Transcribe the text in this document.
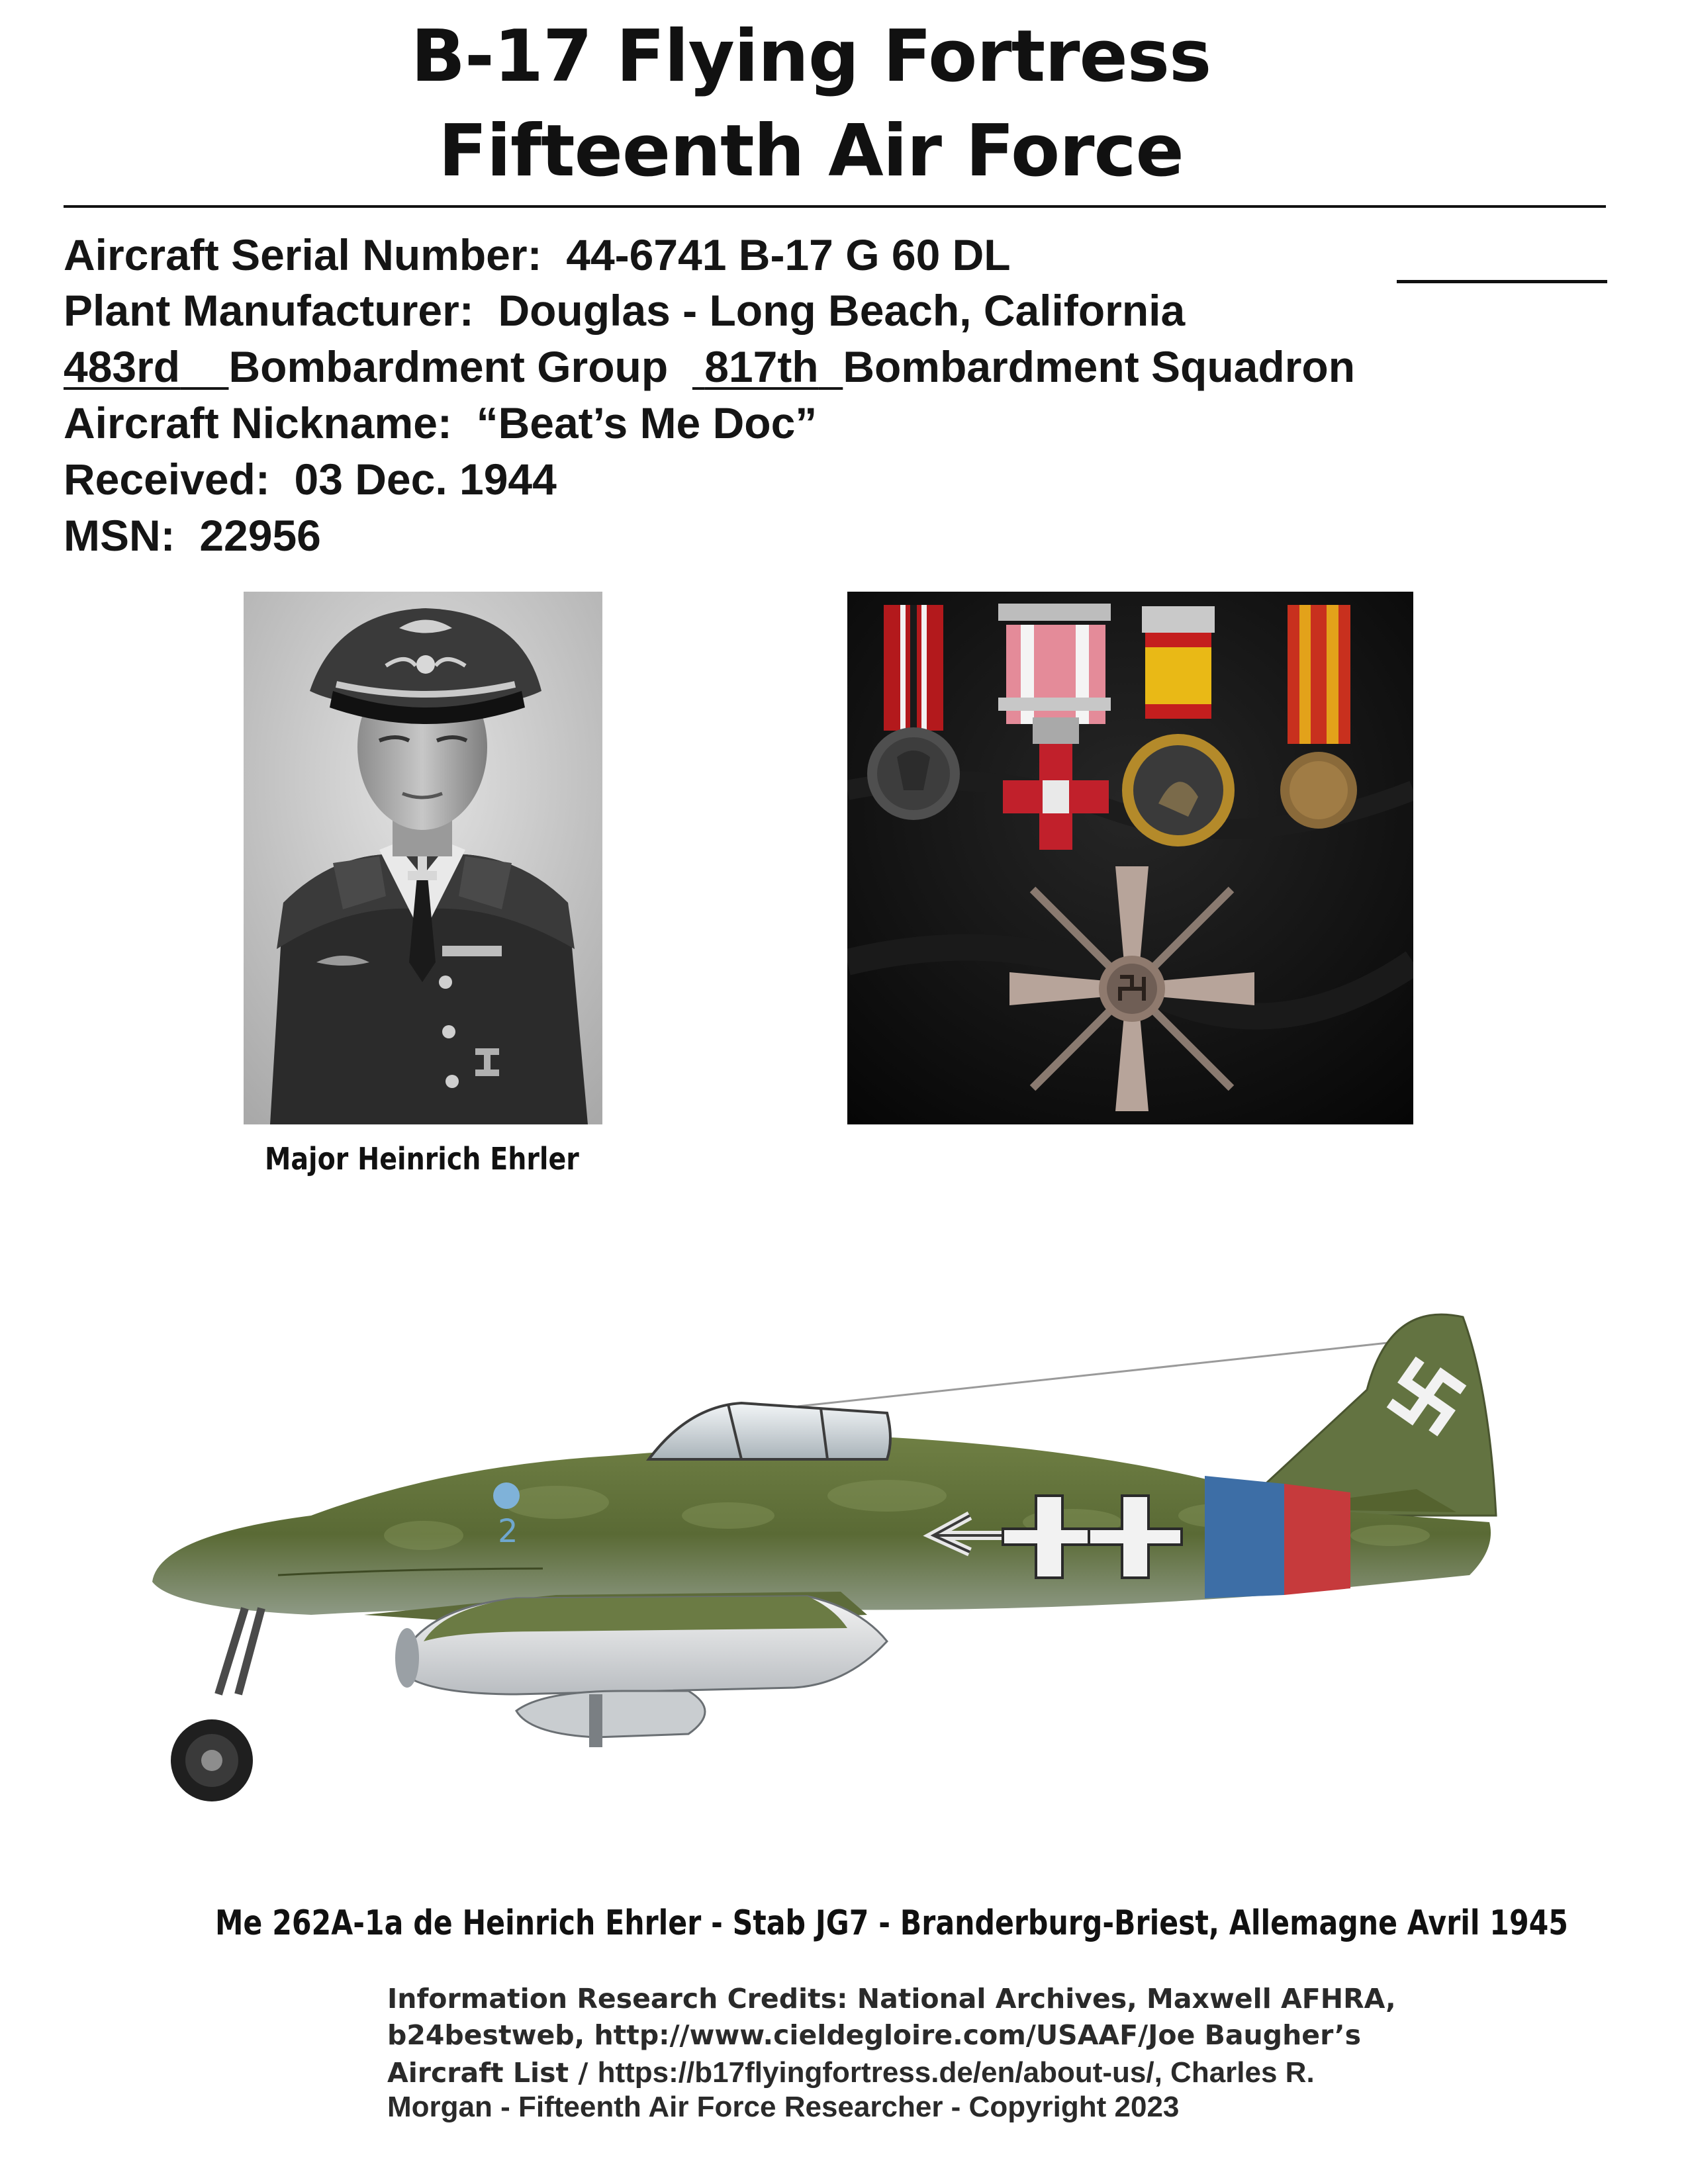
B-17 Flying Fortress
Fifteenth Air Force
Aircraft Serial Number: 44-6741 B-17 G 60 DL
Plant Manufacturer: Douglas - Long Beach, California
483rd Bombardment Group 817th Bombardment Squadron
Aircraft Nickname: “Beat’s Me Doc”
Received: 03 Dec. 1944
MSN: 22956
Major Heinrich Ehrler
2
Me 262A-1a de Heinrich Ehrler - Stab JG7 - Branderburg-Briest, Allemagne Avril 1945
Information Research Credits: National Archives, Maxwell AFHRA,
b24bestweb, http://www.cieldegloire.com/USAAF/Joe Baugher’s
Aircraft List / https://b17flyingfortress.de/en/about-us/, Charles R.
Morgan - Fifteenth Air Force Researcher - Copyright 2023
